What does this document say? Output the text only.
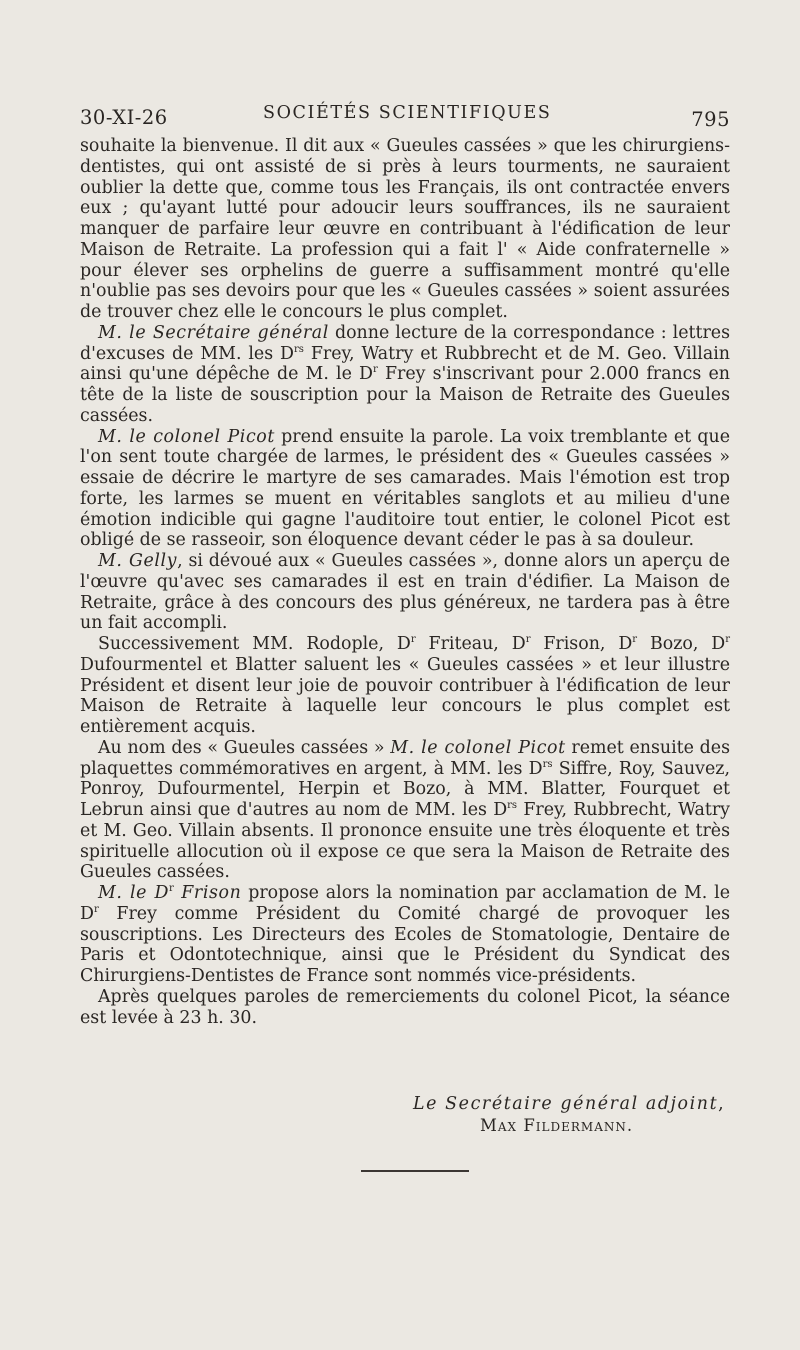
30-XI-26	SOCIÉTÉS SCIENTIFIQUES	795

souhaite la bienvenue. Il dit aux « Gueules cassées » que les chirurgiens-dentistes, qui ont assisté de si près à leurs tourments, ne sauraient oublier la dette que, comme tous les Français, ils ont contractée envers eux ; qu'ayant lutté pour adoucir leurs souffrances, ils ne sauraient manquer de parfaire leur œuvre en contribuant à l'édification de leur Maison de Retraite. La profession qui a fait l' « Aide confraternelle » pour élever ses orphelins de guerre a suffisamment montré qu'elle n'oublie pas ses devoirs pour que les « Gueules cassées » soient assurées de trouver chez elle le concours le plus complet.

M. le Secrétaire général donne lecture de la correspondance : lettres d'excuses de MM. les $D^{rs}$ Frey, Watry et Rubbrecht et de M. Geo. Villain ainsi qu'une dépêche de M. le $D^r$ Frey s'inscrivant pour 2.000 francs en tête de la liste de souscription pour la Maison de Retraite des Gueules cassées.

M. le colonel Picot prend ensuite la parole. La voix tremblante et que l'on sent toute chargée de larmes, le président des « Gueules cassées » essaie de décrire le martyre de ses camarades. Mais l'émotion est trop forte, les larmes se muent en véritables sanglots et au milieu d'une émotion indicible qui gagne l'auditoire tout entier, le colonel Picot est obligé de se rasseoir, son éloquence devant céder le pas à sa douleur.

M. Gelly, si dévoué aux « Gueules cassées », donne alors un aperçu de l'œuvre qu'avec ses camarades il est en train d'édifier. La Maison de Retraite, grâce à des concours des plus généreux, ne tardera pas à être un fait accompli.

Successivement MM. Rodople, $D^r$ Friteau, $D^r$ Frison, $D^r$ Bozo, $D^r$ Dufourmentel et Blatter saluent les « Gueules cassées » et leur illustre Président et disent leur joie de pouvoir contribuer à l'édification de leur Maison de Retraite à laquelle leur concours le plus complet est entièrement acquis.

Au nom des « Gueules cassées » M. le colonel Picot remet ensuite des plaquettes commémoratives en argent, à MM. les $D^{rs}$ Siffre, Roy, Sauvez, Ponroy, Dufourmentel, Herpin et Bozo, à MM. Blatter, Fourquet et Lebrun ainsi que d'autres au nom de MM. les $D^{rs}$ Frey, Rubbrecht, Watry et M. Geo. Villain absents. Il prononce ensuite une très éloquente et très spirituelle allocution où il expose ce que sera la Maison de Retraite des Gueules cassées.

M. le $D^r$ Frison propose alors la nomination par acclamation de M. le $D^r$ Frey comme Président du Comité chargé de provoquer les souscriptions. Les Directeurs des Ecoles de Stomatologie, Dentaire de Paris et Odontotechnique, ainsi que le Président du Syndicat des Chirurgiens-Dentistes de France sont nommés vice-présidents.

Après quelques paroles de remerciements du colonel Picot, la séance est levée à 23 h. 30.

Le Secrétaire général adjoint,
Max Fildermann.
